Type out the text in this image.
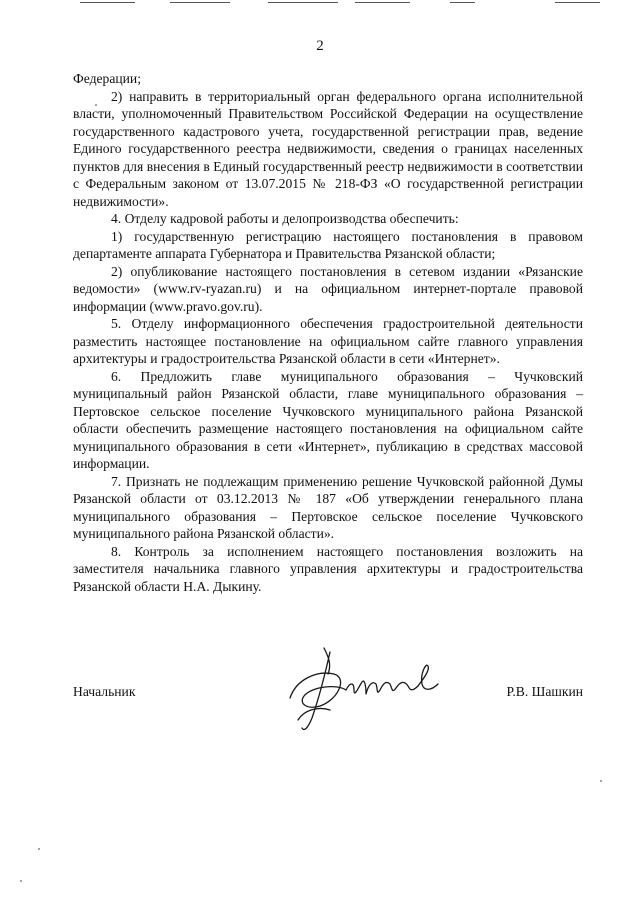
2

Федерации;

2) направить в территориальный орган федерального органа исполнительной власти, уполномоченный Правительством Российской Федерации на осуществление государственного кадастрового учета, государственной регистрации прав, ведение Единого государственного реестра недвижимости, сведения о границах населенных пунктов для внесения в Единый государственный реестр недвижимости в соответствии с Федеральным законом от 13.07.2015 № 218-ФЗ «О государственной регистрации недвижимости».

4. Отделу кадровой работы и делопроизводства обеспечить:

1) государственную регистрацию настоящего постановления в правовом департаменте аппарата Губернатора и Правительства Рязанской области;

2) опубликование настоящего постановления в сетевом издании «Рязанские ведомости» (www.rv-ryazan.ru) и на официальном интернет-портале правовой информации (www.pravo.gov.ru).

5. Отделу информационного обеспечения градостроительной деятельности разместить настоящее постановление на официальном сайте главного управления архитектуры и градостроительства Рязанской области в сети «Интернет».

6. Предложить главе муниципального образования – Чучковский муниципальный район Рязанской области, главе муниципального образования – Пертовское сельское поселение Чучковского муниципального района Рязанской области обеспечить размещение настоящего постановления на официальном сайте муниципального образования в сети «Интернет», публикацию в средствах массовой информации.

7. Признать не подлежащим применению решение Чучковской районной Думы Рязанской области от 03.12.2013 № 187 «Об утверждении генерального плана муниципального образования – Пертовское сельское поселение Чучковского муниципального района Рязанской области».

8. Контроль за исполнением настоящего постановления возложить на заместителя начальника главного управления архитектуры и градостроительства Рязанской области Н.А. Дыкину.

Начальник	Р.В. Шашкин
